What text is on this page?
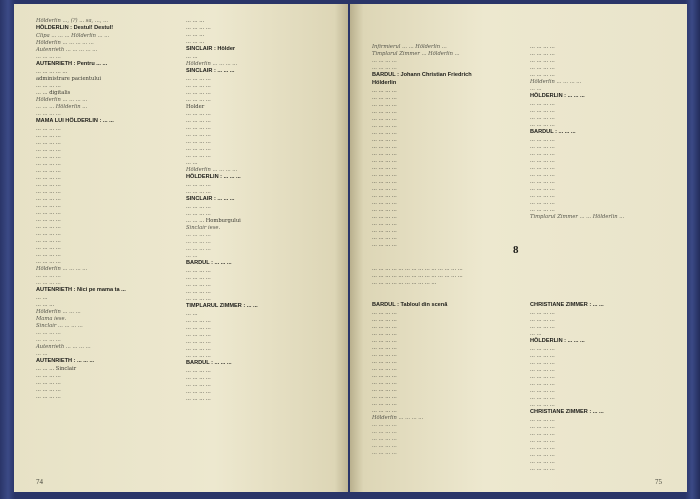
Hölderlin ..., (?) ... sa, ..., ...
HÖLDERLIN : Destul! Destul!
Clipa ... ... ... Hölderlin ... ...
Hölderlin ... ... ... ... ...
Autenrieth ... ... ... ... ...
... ... ... ...
AUTENRIETH : Pentru ... ...
... ... ... ... ...
administrare pacientului
... ... ... ...
... ... digitalis
Hölderlin ... ... ... ...
... ... ... Hölderlin ...
... ... ... ...
MAMA LUI HÖLDERLIN : ... ...
... ... ... ...
... ... ... ...
... ... ... ...
... ... ... ...
... ... ... ...
... ... ... ...
... ... ... ...
... ... ... ...
... ... ... ...
... ... ... ...
... ... ... ...
... ... ... ...
... ... ... ...
... ... ... ...
... ... ... ...
... ... ... ...
... ... ... ...
... ... ... ...
... ... ... ...
... ... ... ...
Hölderlin ... ... ... ...
... ... ... ...
... ... ... ...
AUTENRIETH : Nici pe mama ta ...
... ...
... ... ...
Hölderlin ... ... ...
Mama iese.
Sinclair ... ... ... ...
... ... ... ...
... ... ... ...
Autenrieth ... ... ... ...
... ...
AUTENRIETH : ... ... ...
... ... ... Sinclair
... ... ... ...
... ... ... ...
... ... ... ...
... ... ... ...
... ... ...
... ... ... ...
... ... ...
... ... ...
SINCLAIR : Hölder
... ...
Hölderlin ... ... ... ...
SINCLAIR : ... ... ...
... ... ... ...
... ... ... ...
... ... ... ...
... ... ... ...
Holder
... ... ... ...
... ... ... ...
... ... ... ...
... ... ... ...
... ... ... ...
... ... ... ...
... ... ... ...
... ...
Hölderlin ... ... ... ...
HÖLDERLIN : ... ... ...
... ... ... ...
... ... ... ...
SINCLAIR : ... ... ...
... ... ... ...
... ... ... ...
... ... ... Homburgului
Sinclair iese.
... ... ... ...
... ... ... ...
... ... ... ...
... ...
BARDUL : ... ... ...
... ... ... ...
... ... ... ...
... ... ... ...
... ... ... ...
... ... ... ...
TIMPLARUL ZIMMER : ... ...
... ...
... ... ... ...
... ... ... ...
... ... ... ...
... ... ... ...
... ... ... ...
... ... ... ...
BARDUL : ... ... ...
... ... ... ...
... ... ... ...
... ... ... ...
... ... ... ...
... ... ... ...
74
Infirmierul ... ... Hölderlin ...
Timplarul Zimmer ... Hölderlin ...
... ... ... ...
... ... ... ...
BARDUL : Johann Christian Friedrich
Hölderlin
... ... ... ...
... ... ... ...
... ... ... ...
... ... ... ...
... ... ... ...
... ... ... ...
... ... ... ...
... ... ... ...
... ... ... ...
... ... ... ...
... ... ... ...
... ... ... ...
... ... ... ...
... ... ... ...
... ... ... ...
... ... ... ...
... ... ... ...
... ... ... ...
... ... ... ...
... ... ... ...
... ... ... ...
... ... ... ...
... ... ... ...
... ... ... ...
... ... ... ...
... ... ... ...
... ... ... ...
... ... ... ...
Hölderlin ... ... ... ...
... ...
HÖLDERLIN : ... ... ...
... ... ... ...
... ... ... ...
... ... ... ...
... ... ... ...
BARDUL : ... ... ...
... ... ... ...
... ... ... ...
... ... ... ...
... ... ... ...
... ... ... ...
... ... ... ...
... ... ... ...
... ... ... ...
... ... ... ...
... ... ... ...
... ... ... ...
Timplarul Zimmer ... ... Hölderlin ...
8
... ... ... ... ... ... ... ... ... ... ... ... ... ...
... ... ... ... ... ... ... ... ... ... ... ... ... ...
... ... ... ... ... ... ... ... ... ...
BARDUL : Tabloul din scenă
... ... ... ...
... ... ... ...
... ... ... ...
... ... ... ...
... ... ... ...
... ... ... ...
... ... ... ...
... ... ... ...
... ... ... ...
... ... ... ...
... ... ... ...
... ... ... ...
... ... ... ...
... ... ... ...
... ... ... ...
Hölderlin ... ... ... ...
... ... ... ...
... ... ... ...
... ... ... ...
... ... ... ...
... ... ... ...
CHRISTIANE ZIMMER : ... ...
... ... ... ...
... ... ... ...
... ... ... ...
... ...
HÖLDERLIN : ... ... ...
... ... ... ...
... ... ... ...
... ... ... ...
... ... ... ...
... ... ... ...
... ... ... ...
... ... ... ...
... ... ... ...
... ... ... ...
CHRISTIANE ZIMMER : ... ...
... ... ... ...
... ... ... ...
... ... ... ...
... ... ... ...
... ... ... ...
... ... ... ...
... ... ... ...
... ... ... ...
75
